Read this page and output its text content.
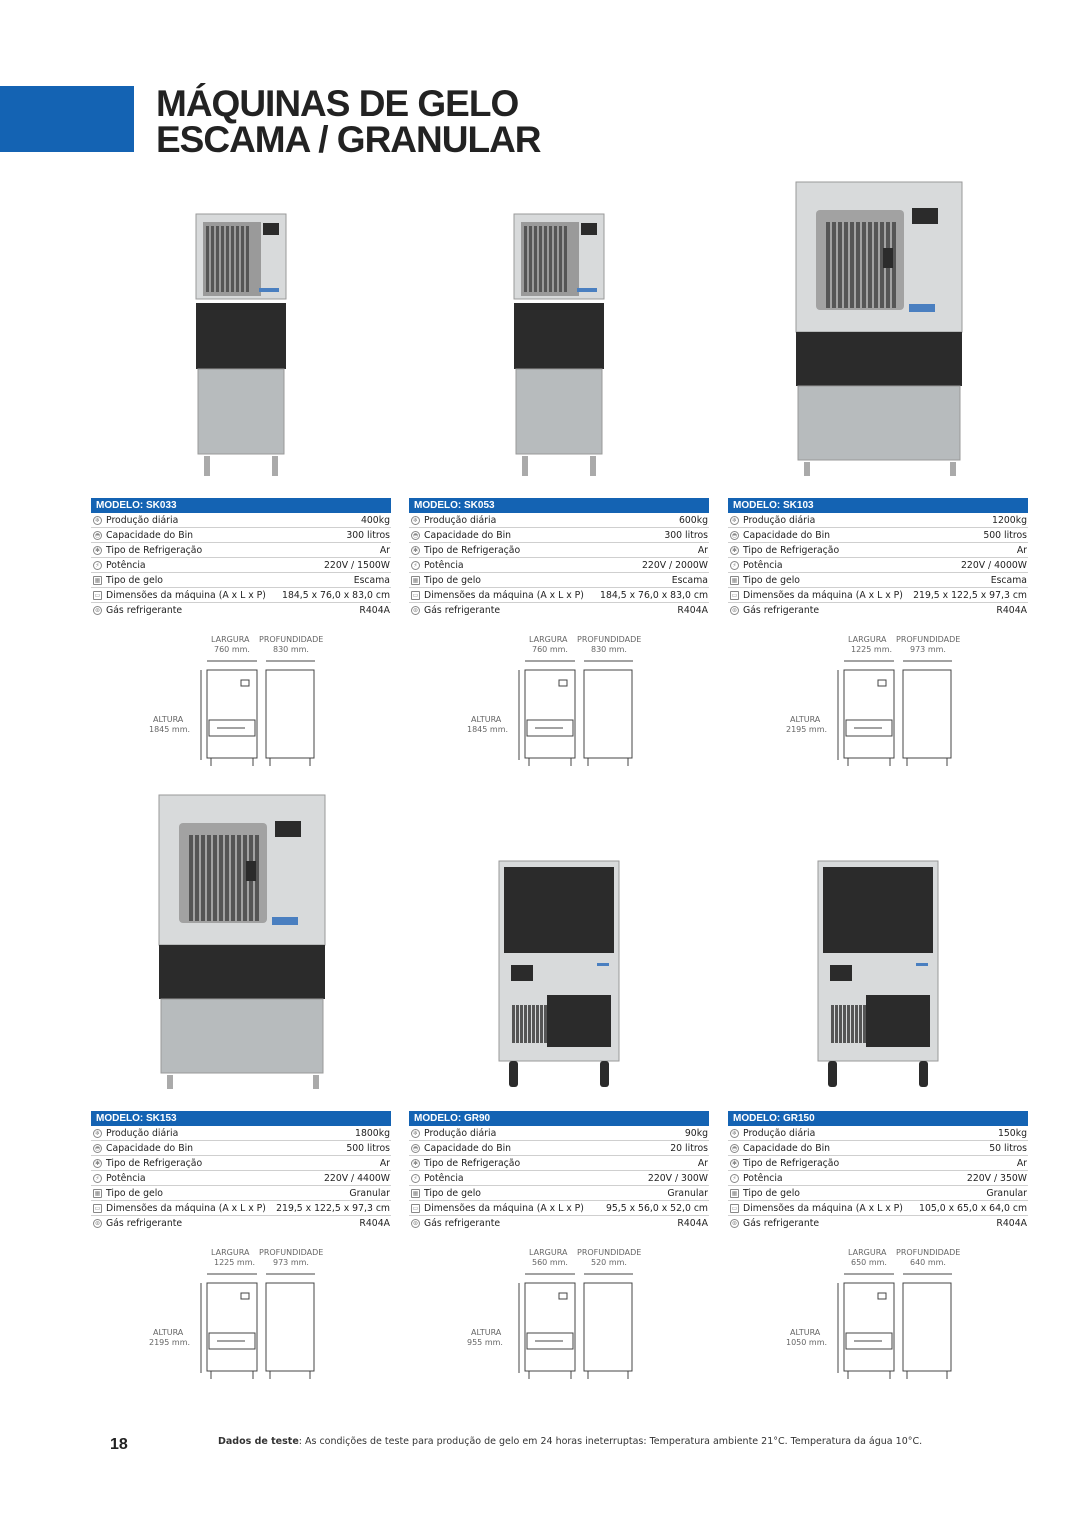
MÁQUINAS DE GELO
ESCAMA / GRANULAR
MODELO: SK033
❄ Produção diária	400kg
◓ Capacidade do Bin	300 litros
✱ Tipo de Refrigeração	Ar
⚡ Potência	220V / 1500W
▦ Tipo de gelo	Escama
▭ Dimensões da máquina (A x L x P) 184,5 x 76,0 x 83,0 cm
⊛ Gás refrigerante	R404A
LARGURA PROFUNDIDADE
760 mm.	830 mm.
ALTURA
1845 mm.
MODELO: SK053
❄ Produção diária	600kg
◓ Capacidade do Bin	300 litros
✱ Tipo de Refrigeração	Ar
⚡ Potência	220V / 2000W
▦ Tipo de gelo	Escama
▭ Dimensões da máquina (A x L x P) 184,5 x 76,0 x 83,0 cm
⊛ Gás refrigerante	R404A
LARGURA PROFUNDIDADE
760 mm.	830 mm.
ALTURA
1845 mm.
MODELO: SK103
❄ Produção diária	1200kg
◓ Capacidade do Bin	500 litros
✱ Tipo de Refrigeração	Ar
⚡ Potência	220V / 4000W
▦ Tipo de gelo	Escama
▭ Dimensões da máquina (A x L x P) 219,5 x 122,5 x 97,3 cm
⊛ Gás refrigerante	R404A
LARGURA PROFUNDIDADE
1225 mm. 973 mm.
ALTURA
2195 mm.
MODELO: SK153
❄ Produção diária	1800kg
◓ Capacidade do Bin	500 litros
✱ Tipo de Refrigeração	Ar
⚡ Potência	220V / 4400W
▦ Tipo de gelo	Granular
▭ Dimensões da máquina (A x L x P) 219,5 x 122,5 x 97,3 cm
⊛ Gás refrigerante	R404A
LARGURA PROFUNDIDADE
1225 mm. 973 mm.
ALTURA
2195 mm.
MODELO: GR90
❄ Produção diária	90kg
◓ Capacidade do Bin	20 litros
✱ Tipo de Refrigeração	Ar
⚡ Potência	220V / 300W
▦ Tipo de gelo	Granular
▭ Dimensões da máquina (A x L x P) 95,5 x 56,0 x 52,0 cm
⊛ Gás refrigerante	R404A
LARGURA PROFUNDIDADE
560 mm.	520 mm.
ALTURA
955 mm.
MODELO: GR150
❄ Produção diária	150kg
◓ Capacidade do Bin	50 litros
✱ Tipo de Refrigeração	Ar
⚡ Potência	220V / 350W
▦ Tipo de gelo	Granular
▭ Dimensões da máquina (A x L x P) 105,0 x 65,0 x 64,0 cm
⊛ Gás refrigerante	R404A
LARGURA PROFUNDIDADE
650 mm.	640 mm.
ALTURA
1050 mm.

18	Dados de teste: As condições de teste para produção de gelo em 24 horas ineterruptas: Temperatura ambiente 21°C. Temperatura da água 10°C.
